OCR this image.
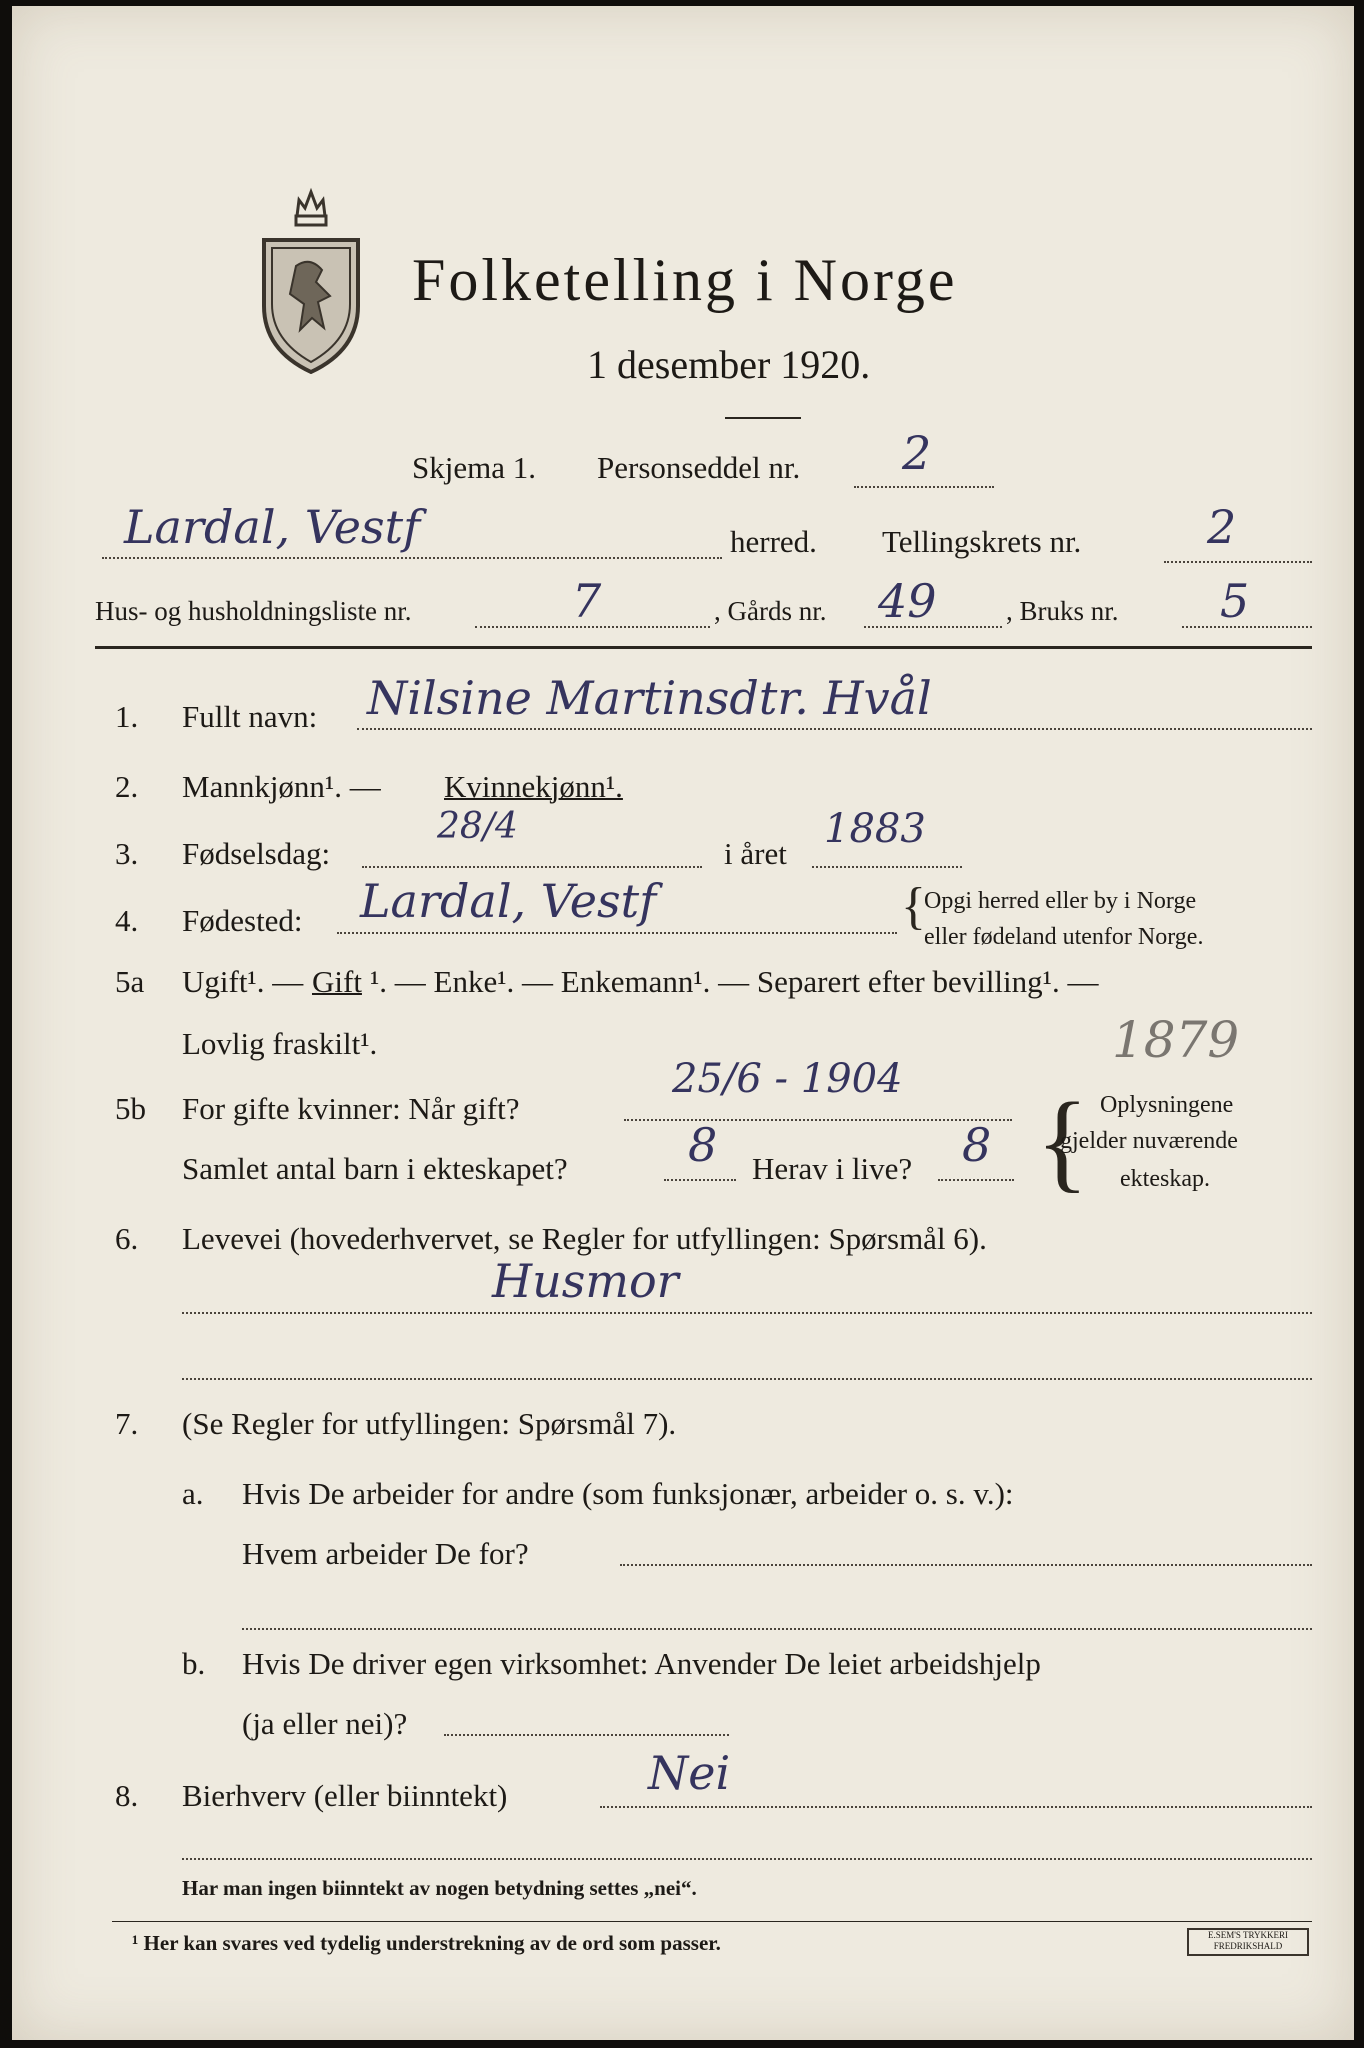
Folketelling i Norge
1 desember 1920.
Skjema 1. Personseddel nr. 2
Lardal, Vestf	herred. Tellingskrets nr.	2
Hus- og husholdningsliste nr.	7	, Gårds nr. 49	, Bruks nr. 5
1. Fullt navn: Nilsine Martinsdtr. Hvål
2. Mannkjønn¹. — Kvinnekjønn¹.
3. Fødselsdag:
28/4
i året
1883
4. Fødested: Lardal, Vestf	{
Opgi herred eller by i Norge
eller fødeland utenfor Norge.
5a Ugift¹. — Gift ¹. — Enke¹. — Enkemann¹. — Separert efter bevilling¹. —
Lovlig fraskilt¹.	1879
5b For gifte kvinner: Når gift?
25/6 - 1904
Samlet antal barn i ekteskapet?	8 Herav i live? 8 { Oplysningene
gjelder nuværende
ekteskap.
6. Levevei (hovederhvervet, se Regler for utfyllingen: Spørsmål 6).
Husmor
7. (Se Regler for utfyllingen: Spørsmål 7).
a. Hvis De arbeider for andre (som funksjonær, arbeider o. s. v.):
Hvem arbeider De for?
b. Hvis De driver egen virksomhet: Anvender De leiet arbeidshjelp
(ja eller nei)?
8. Bierhverv (eller biinntekt)	Nei
Har man ingen biinntekt av nogen betydning settes „nei“.
¹ Her kan svares ved tydelig understrekning av de ord som passer.	E.SEM'S TRYKKERI FREDRIKSHALD
